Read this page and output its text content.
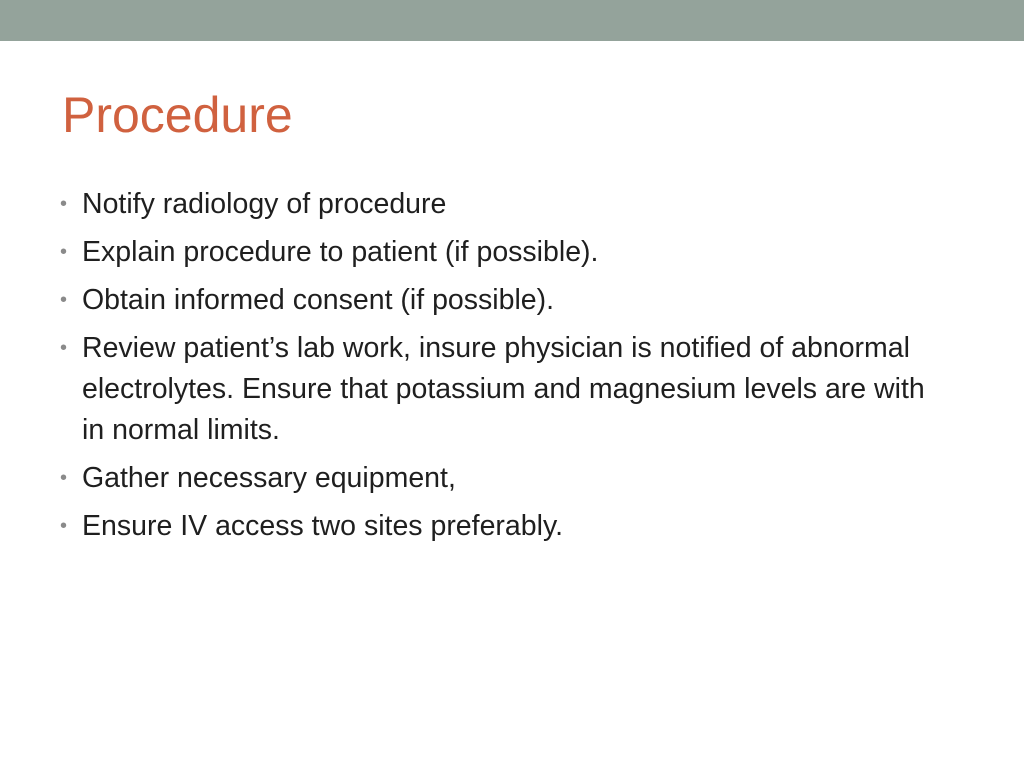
Procedure
• Notify radiology of procedure
• Explain procedure to patient (if possible).
• Obtain informed consent (if possible).
• Review patient’s lab work, insure physician is notified of abnormal electrolytes. Ensure that potassium and magnesium levels are with in normal limits.
• Gather necessary equipment,
• Ensure IV access two sites preferably.
